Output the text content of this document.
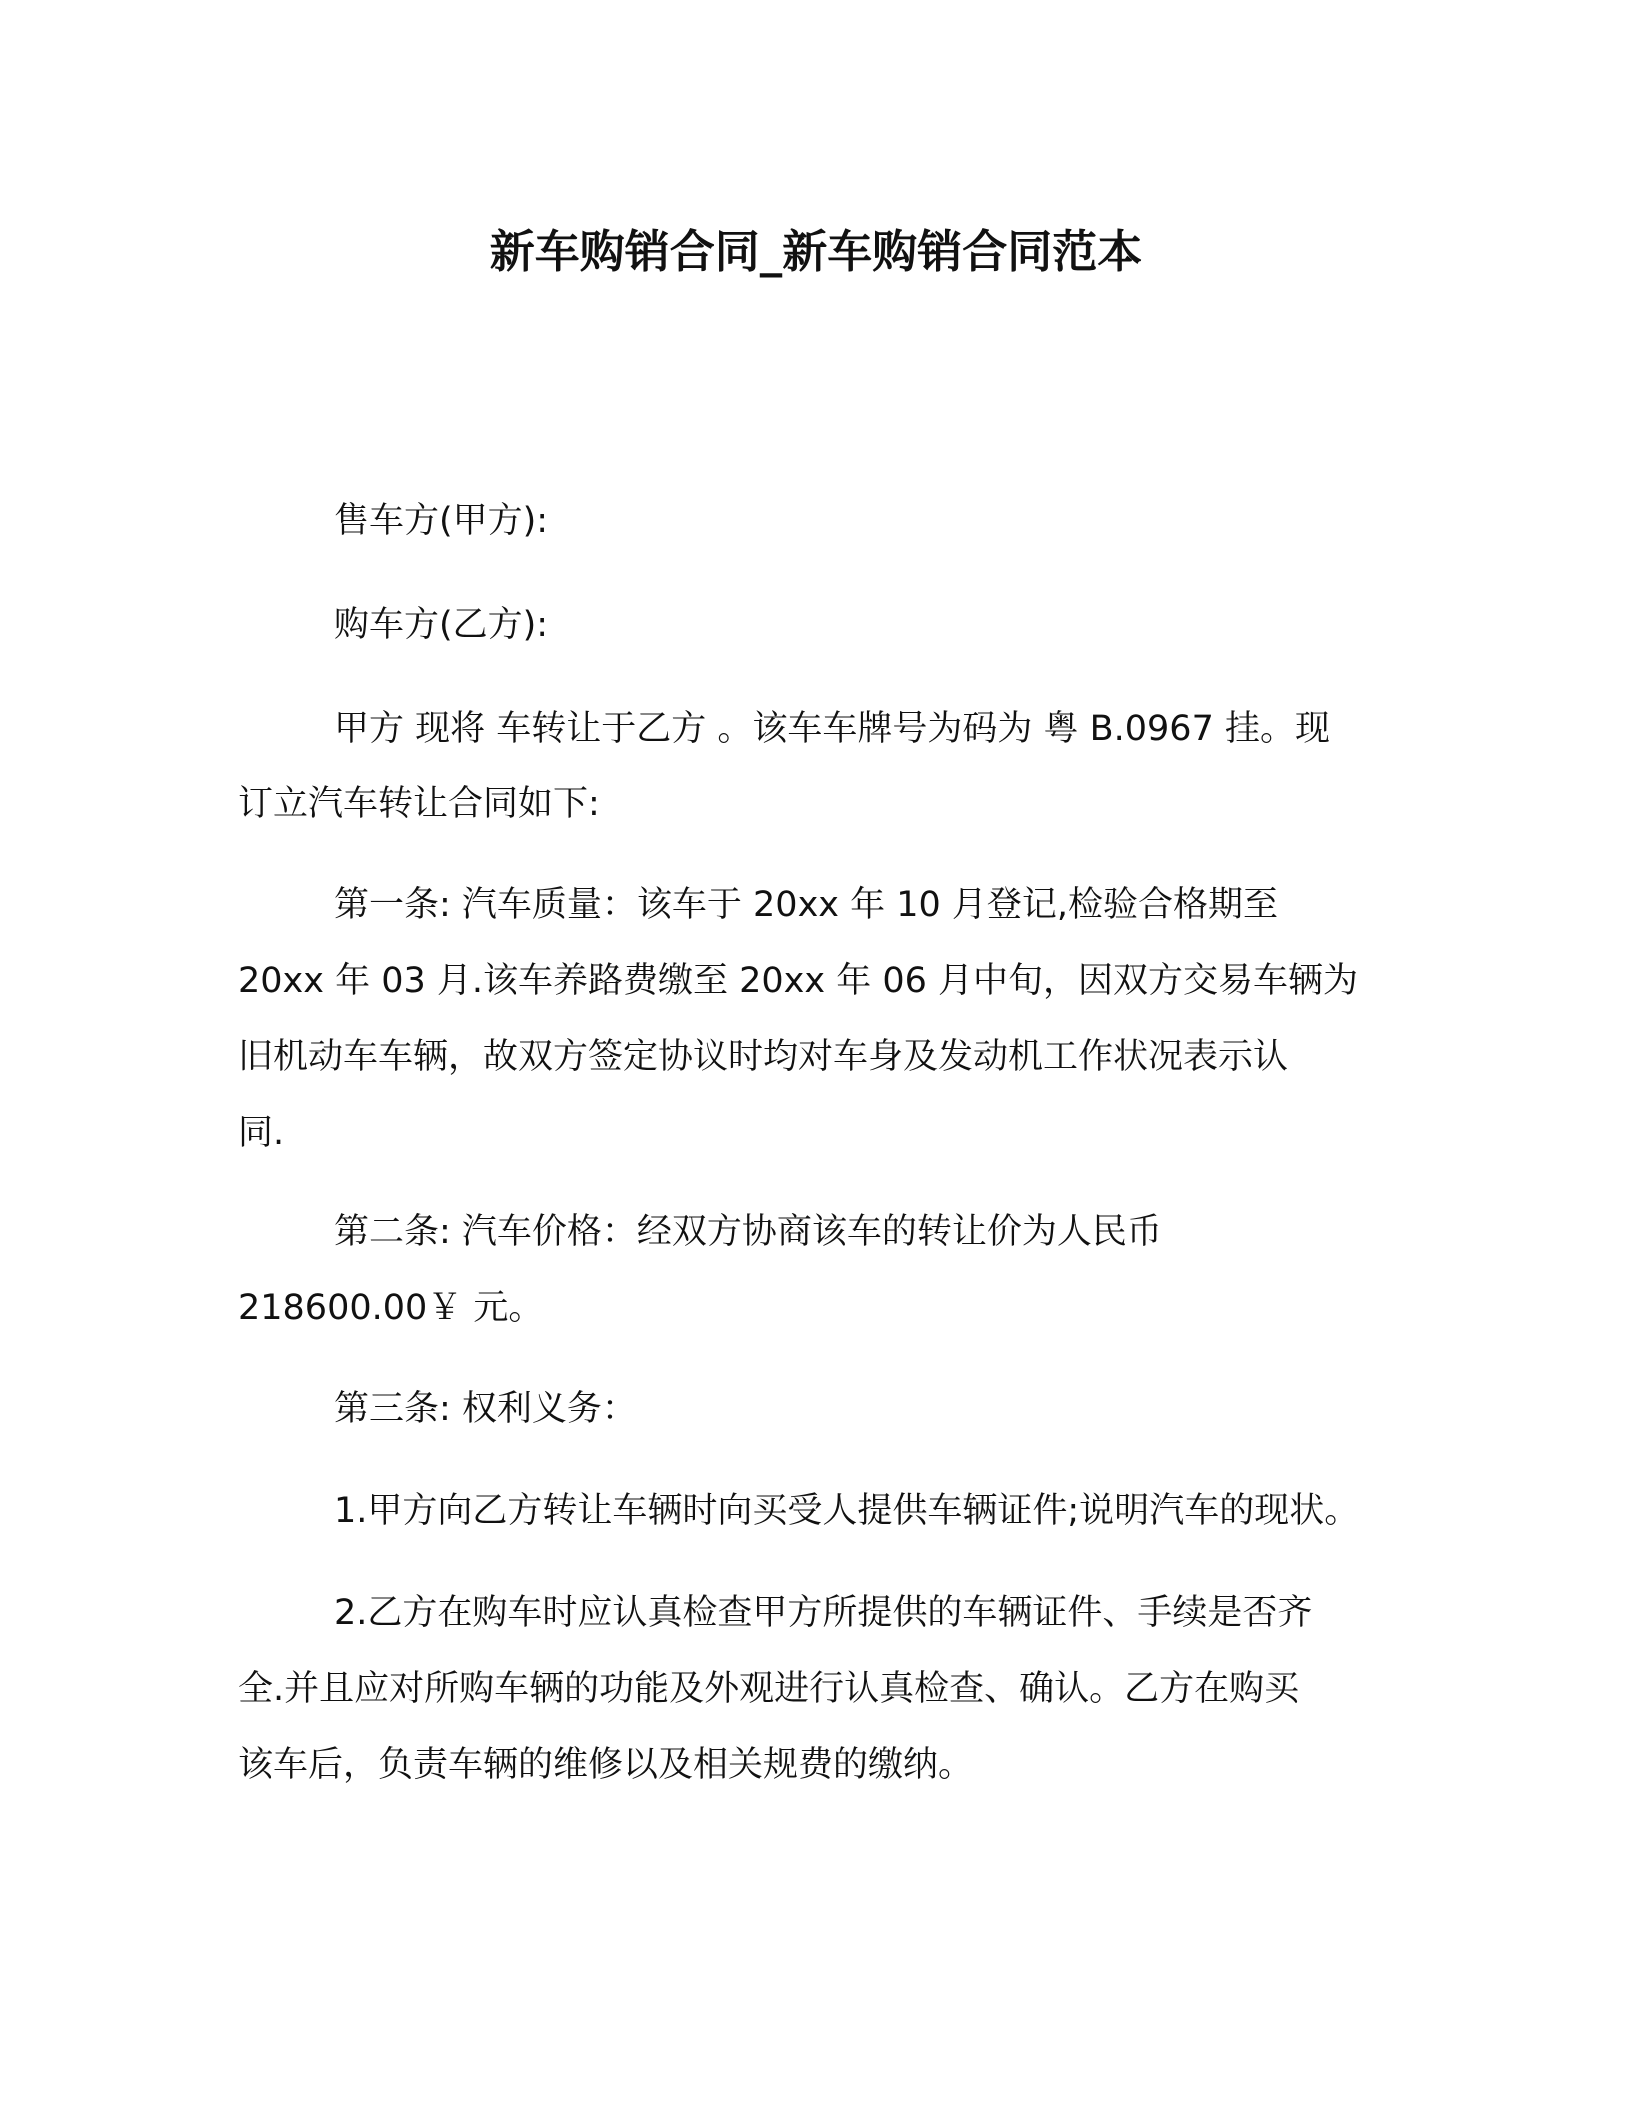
新车购销合同_新车购销合同范本
售车方(甲方):
购车方(乙方):
甲方 现将 车转让于乙方 。该车车牌号为码为 粤 B.0967 挂。现
订立汽车转让合同如下:
第一条: 汽车质量：该车于 20xx 年 10 月登记,检验合格期至
20xx 年 03 月.该车养路费缴至 20xx 年 06 月中旬，因双方交易车辆为
旧机动车车辆，故双方签定协议时均对车身及发动机工作状况表示认
同.
第二条: 汽车价格：经双方协商该车的转让价为人民币
218600.00￥ 元。
第三条: 权利义务：
1.甲方向乙方转让车辆时向买受人提供车辆证件;说明汽车的现状。
2.乙方在购车时应认真检查甲方所提供的车辆证件、手续是否齐
全.并且应对所购车辆的功能及外观进行认真检查、确认。乙方在购买
该车后，负责车辆的维修以及相关规费的缴纳。
